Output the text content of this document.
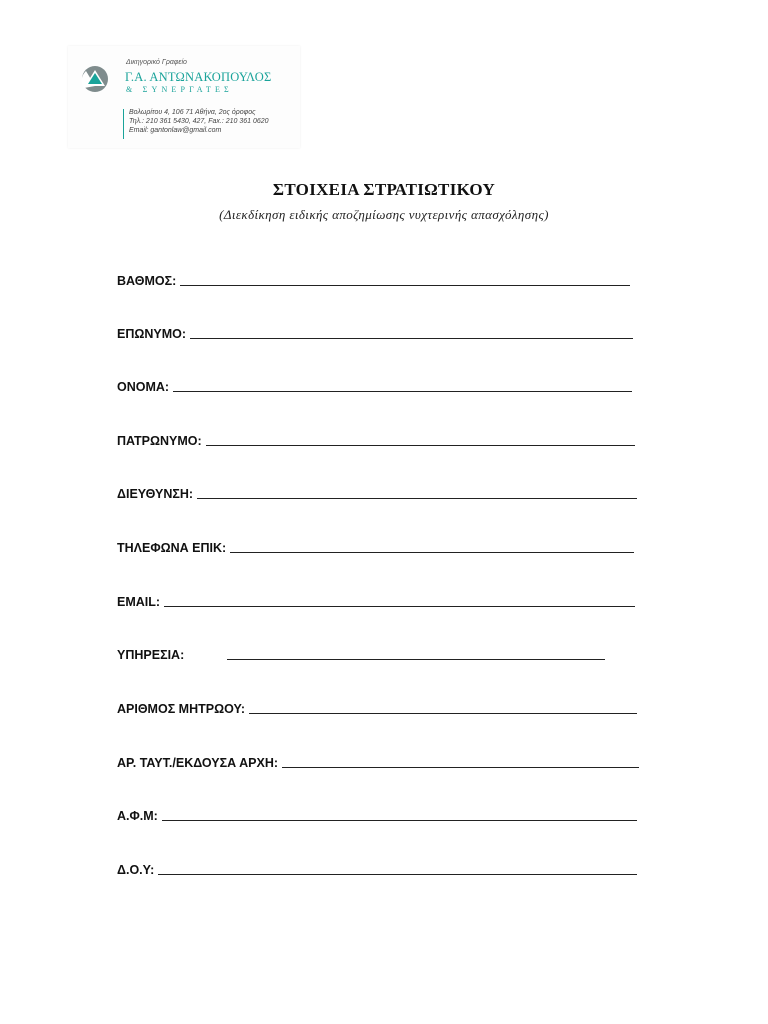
Δικηγορικό Γραφείο
Γ.Α. ΑΝΤΩΝΑΚΟΠΟΥΛΟΣ
& ΣΥΝΕΡΓΑΤΕΣ
Βολωρίτου 4, 106 71 Αθήνα, 2ος όροφος
Τηλ.: 210 361 5430, 427, Fax.: 210 361 0620
Email: gantonlaw@gmail.com
ΣΤΟΙΧΕΙΑ ΣΤΡΑΤΙΩΤΙΚΟΥ
(Διεκδίκηση ειδικής αποζημίωσης νυχτερινής απασχόλησης)
ΒΑΘΜΟΣ:
ΕΠΩΝΥΜΟ:
ΟΝΟΜΑ:
ΠΑΤΡΩΝΥΜΟ:
ΔΙΕΥΘΥΝΣΗ:
ΤΗΛΕΦΩΝΑ ΕΠΙΚ:
EMAIL:
ΥΠΗΡΕΣΙΑ:
ΑΡΙΘΜΟΣ ΜΗΤΡΩΟΥ:
ΑΡ. ΤΑΥΤ./ΕΚΔΟΥΣΑ ΑΡΧΗ:
Α.Φ.Μ:
Δ.Ο.Υ:
